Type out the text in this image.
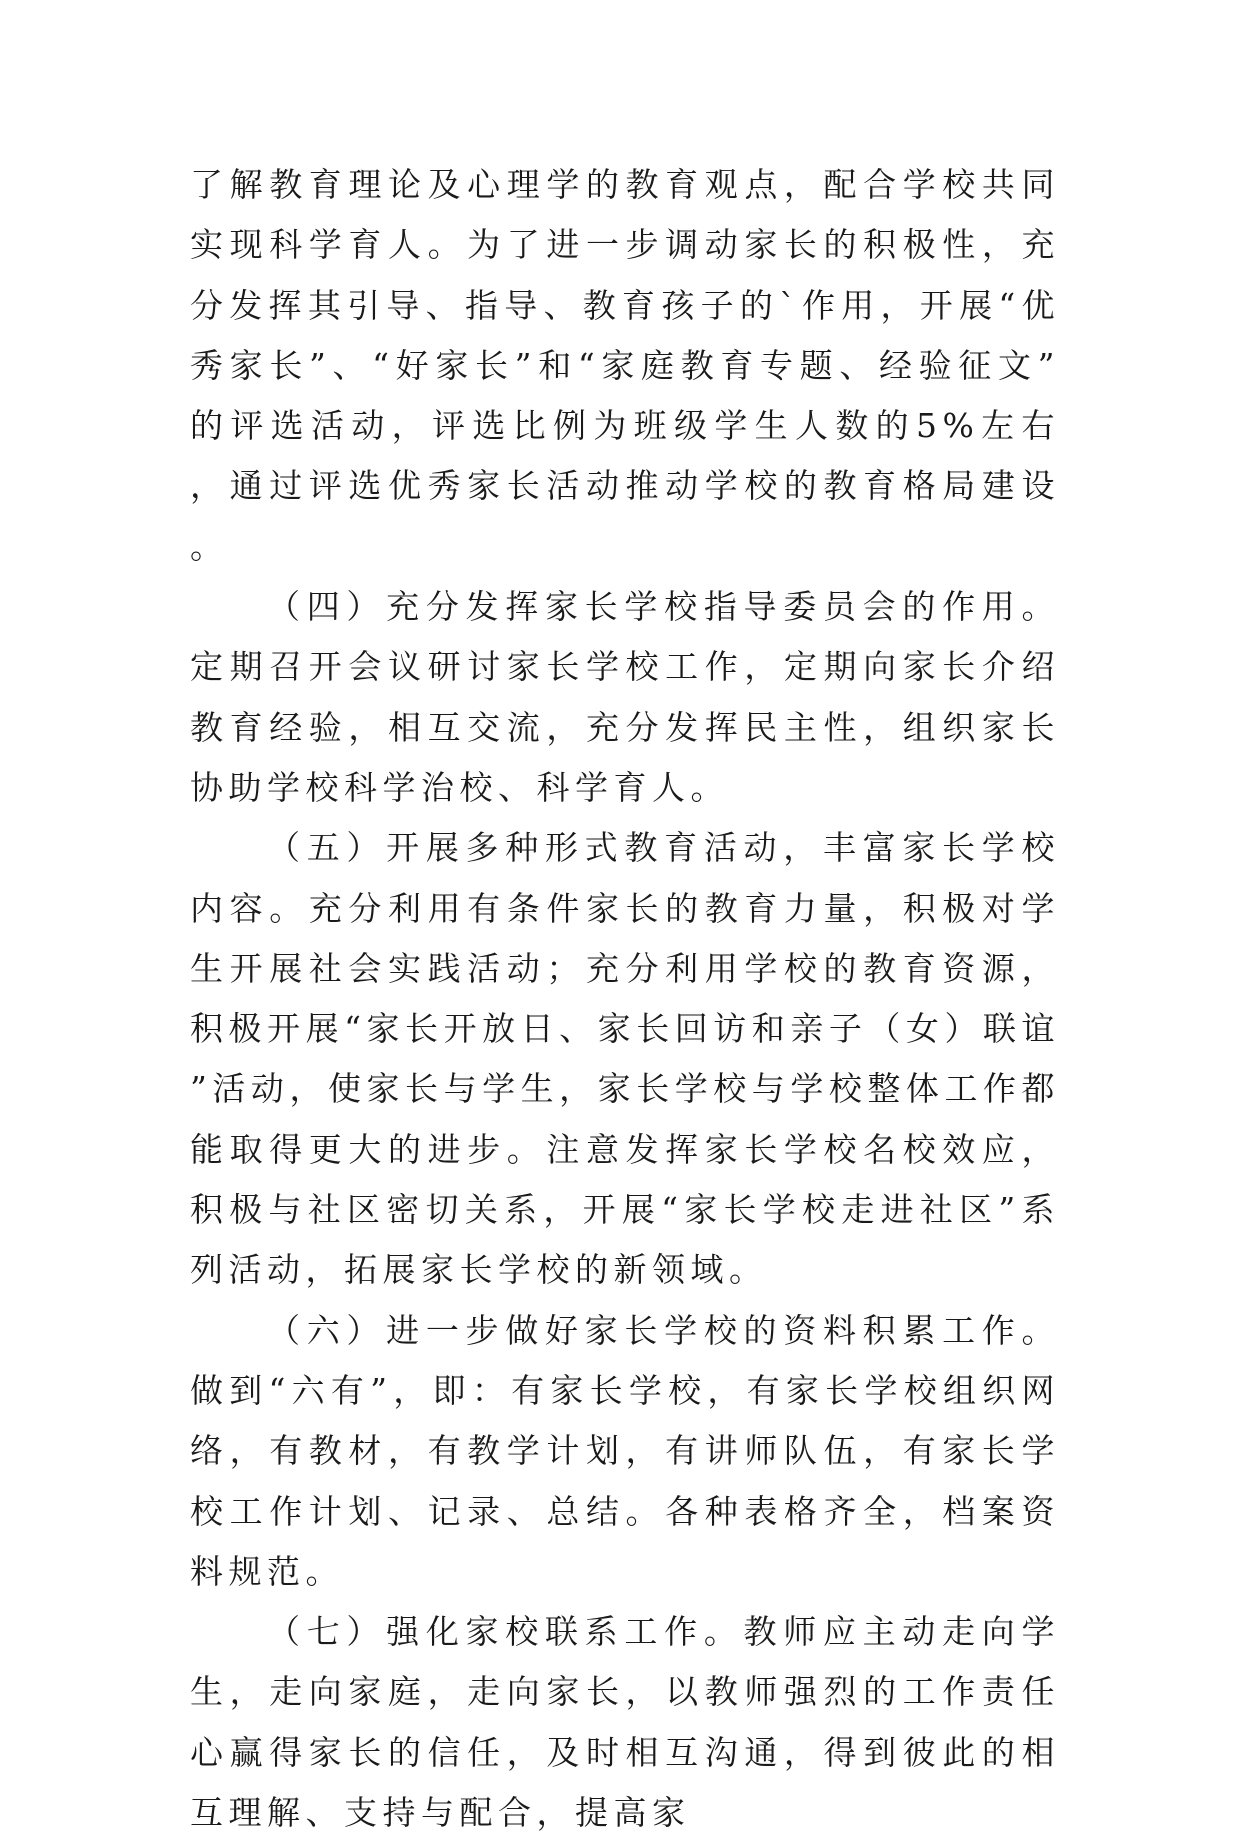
了解教育理论及心理学的教育观点，配合学校共同实现科学育人。为了进一步调动家长的积极性，充分发挥其引导、指导、教育孩子的`作用，开展“优秀家长”、“好家长”和“家庭教育专题、经验征文”的评选活动，评选比例为班级学生人数的5%左右，通过评选优秀家长活动推动学校的教育格局建设。

（四）充分发挥家长学校指导委员会的作用。定期召开会议研讨家长学校工作，定期向家长介绍教育经验，相互交流，充分发挥民主性，组织家长协助学校科学治校、科学育人。

（五）开展多种形式教育活动，丰富家长学校内容。充分利用有条件家长的教育力量，积极对学生开展社会实践活动；充分利用学校的教育资源，积极开展“家长开放日、家长回访和亲子（女）联谊”活动，使家长与学生，家长学校与学校整体工作都能取得更大的进步。注意发挥家长学校名校效应，积极与社区密切关系，开展“家长学校走进社区”系列活动，拓展家长学校的新领域。

（六）进一步做好家长学校的资料积累工作。做到“六有”，即：有家长学校，有家长学校组织网络，有教材，有教学计划，有讲师队伍，有家长学校工作计划、记录、总结。各种表格齐全，档案资料规范。

（七）强化家校联系工作。教师应主动走向学生，走向家庭，走向家长，以教师强烈的工作责任心赢得家长的信任，及时相互沟通，得到彼此的相互理解、支持与配合，提高家
